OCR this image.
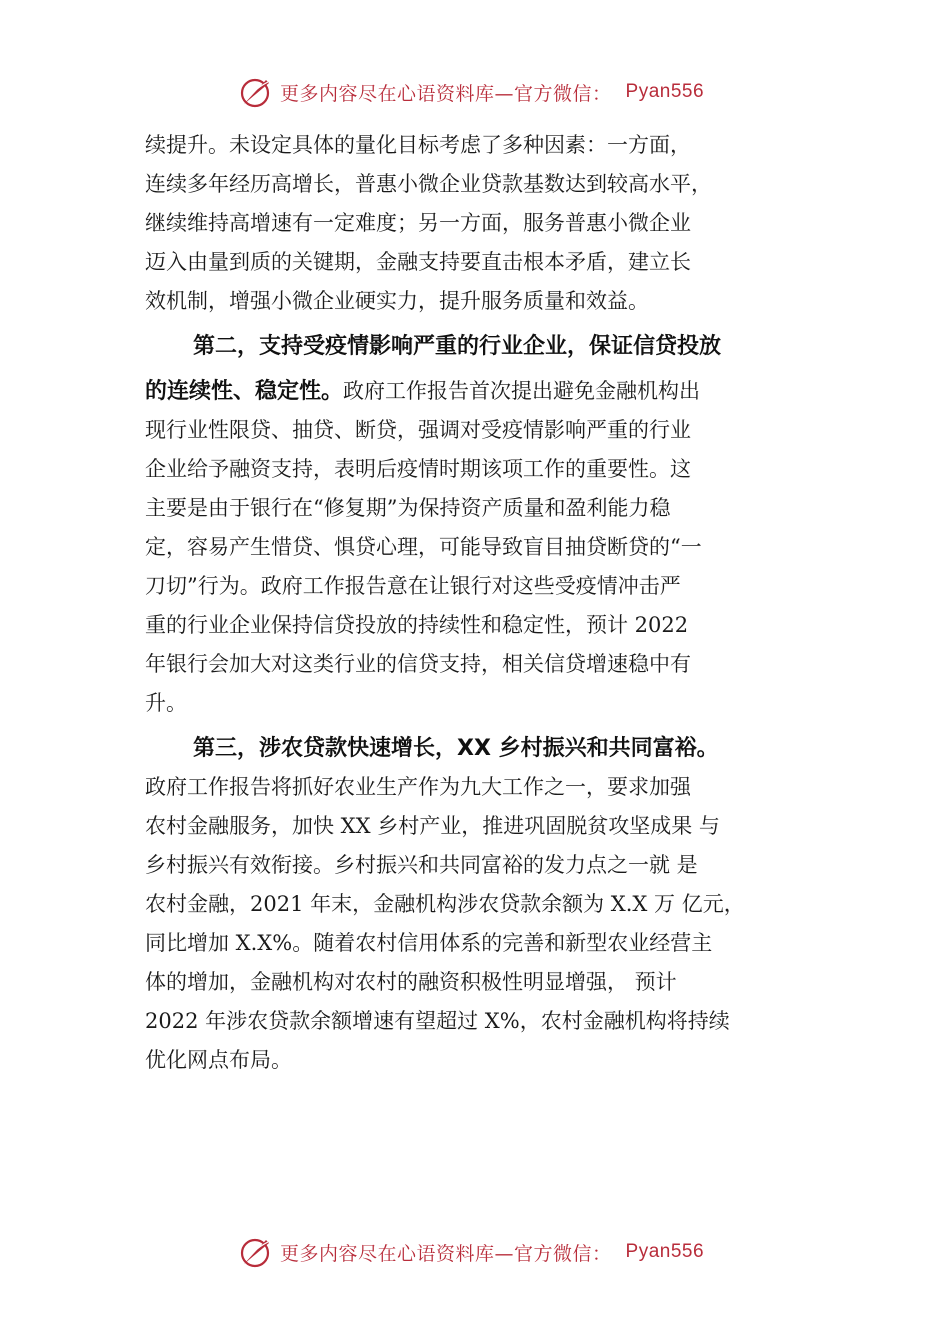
更多内容尽在心语资料库—官方微信： Pyan556
续提升。未设定具体的量化目标考虑了多种因素：一方面，
连续多年经历高增长，普惠小微企业贷款基数达到较高水平，
继续维持高增速有一定难度；另一方面，服务普惠小微企业
迈入由量到质的关键期，金融支持要直击根本矛盾，建立长
效机制，增强小微企业硬实力，提升服务质量和效益。
第二，支持受疫情影响严重的行业企业，保证信贷投放
的连续性、稳定性。政府工作报告首次提出避免金融机构出
现行业性限贷、抽贷、断贷，强调对受疫情影响严重的行业
企业给予融资支持，表明后疫情时期该项工作的重要性。这
主要是由于银行在“修复期”为保持资产质量和盈利能力稳
定，容易产生惜贷、惧贷心理，可能导致盲目抽贷断贷的“一
刀切”行为。政府工作报告意在让银行对这些受疫情冲击严
重的行业企业保持信贷投放的持续性和稳定性，预计 2022
年银行会加大对这类行业的信贷支持，相关信贷增速稳中有
升。
第三，涉农贷款快速增长，XX 乡村振兴和共同富裕。
政府工作报告将抓好农业生产作为九大工作之一，要求加强
农村金融服务，加快 XX 乡村产业，推进巩固脱贫攻坚成果 与
乡村振兴有效衔接。乡村振兴和共同富裕的发力点之一就 是
农村金融，2021 年末，金融机构涉农贷款余额为 X.X 万 亿元，
同比增加 X.X%。随着农村信用体系的完善和新型农业经营主
体的增加，金融机构对农村的融资积极性明显增强， 预计
2022 年涉农贷款余额增速有望超过 X%，农村金融机构将持续
优化网点布局。
更多内容尽在心语资料库—官方微信： Pyan556
